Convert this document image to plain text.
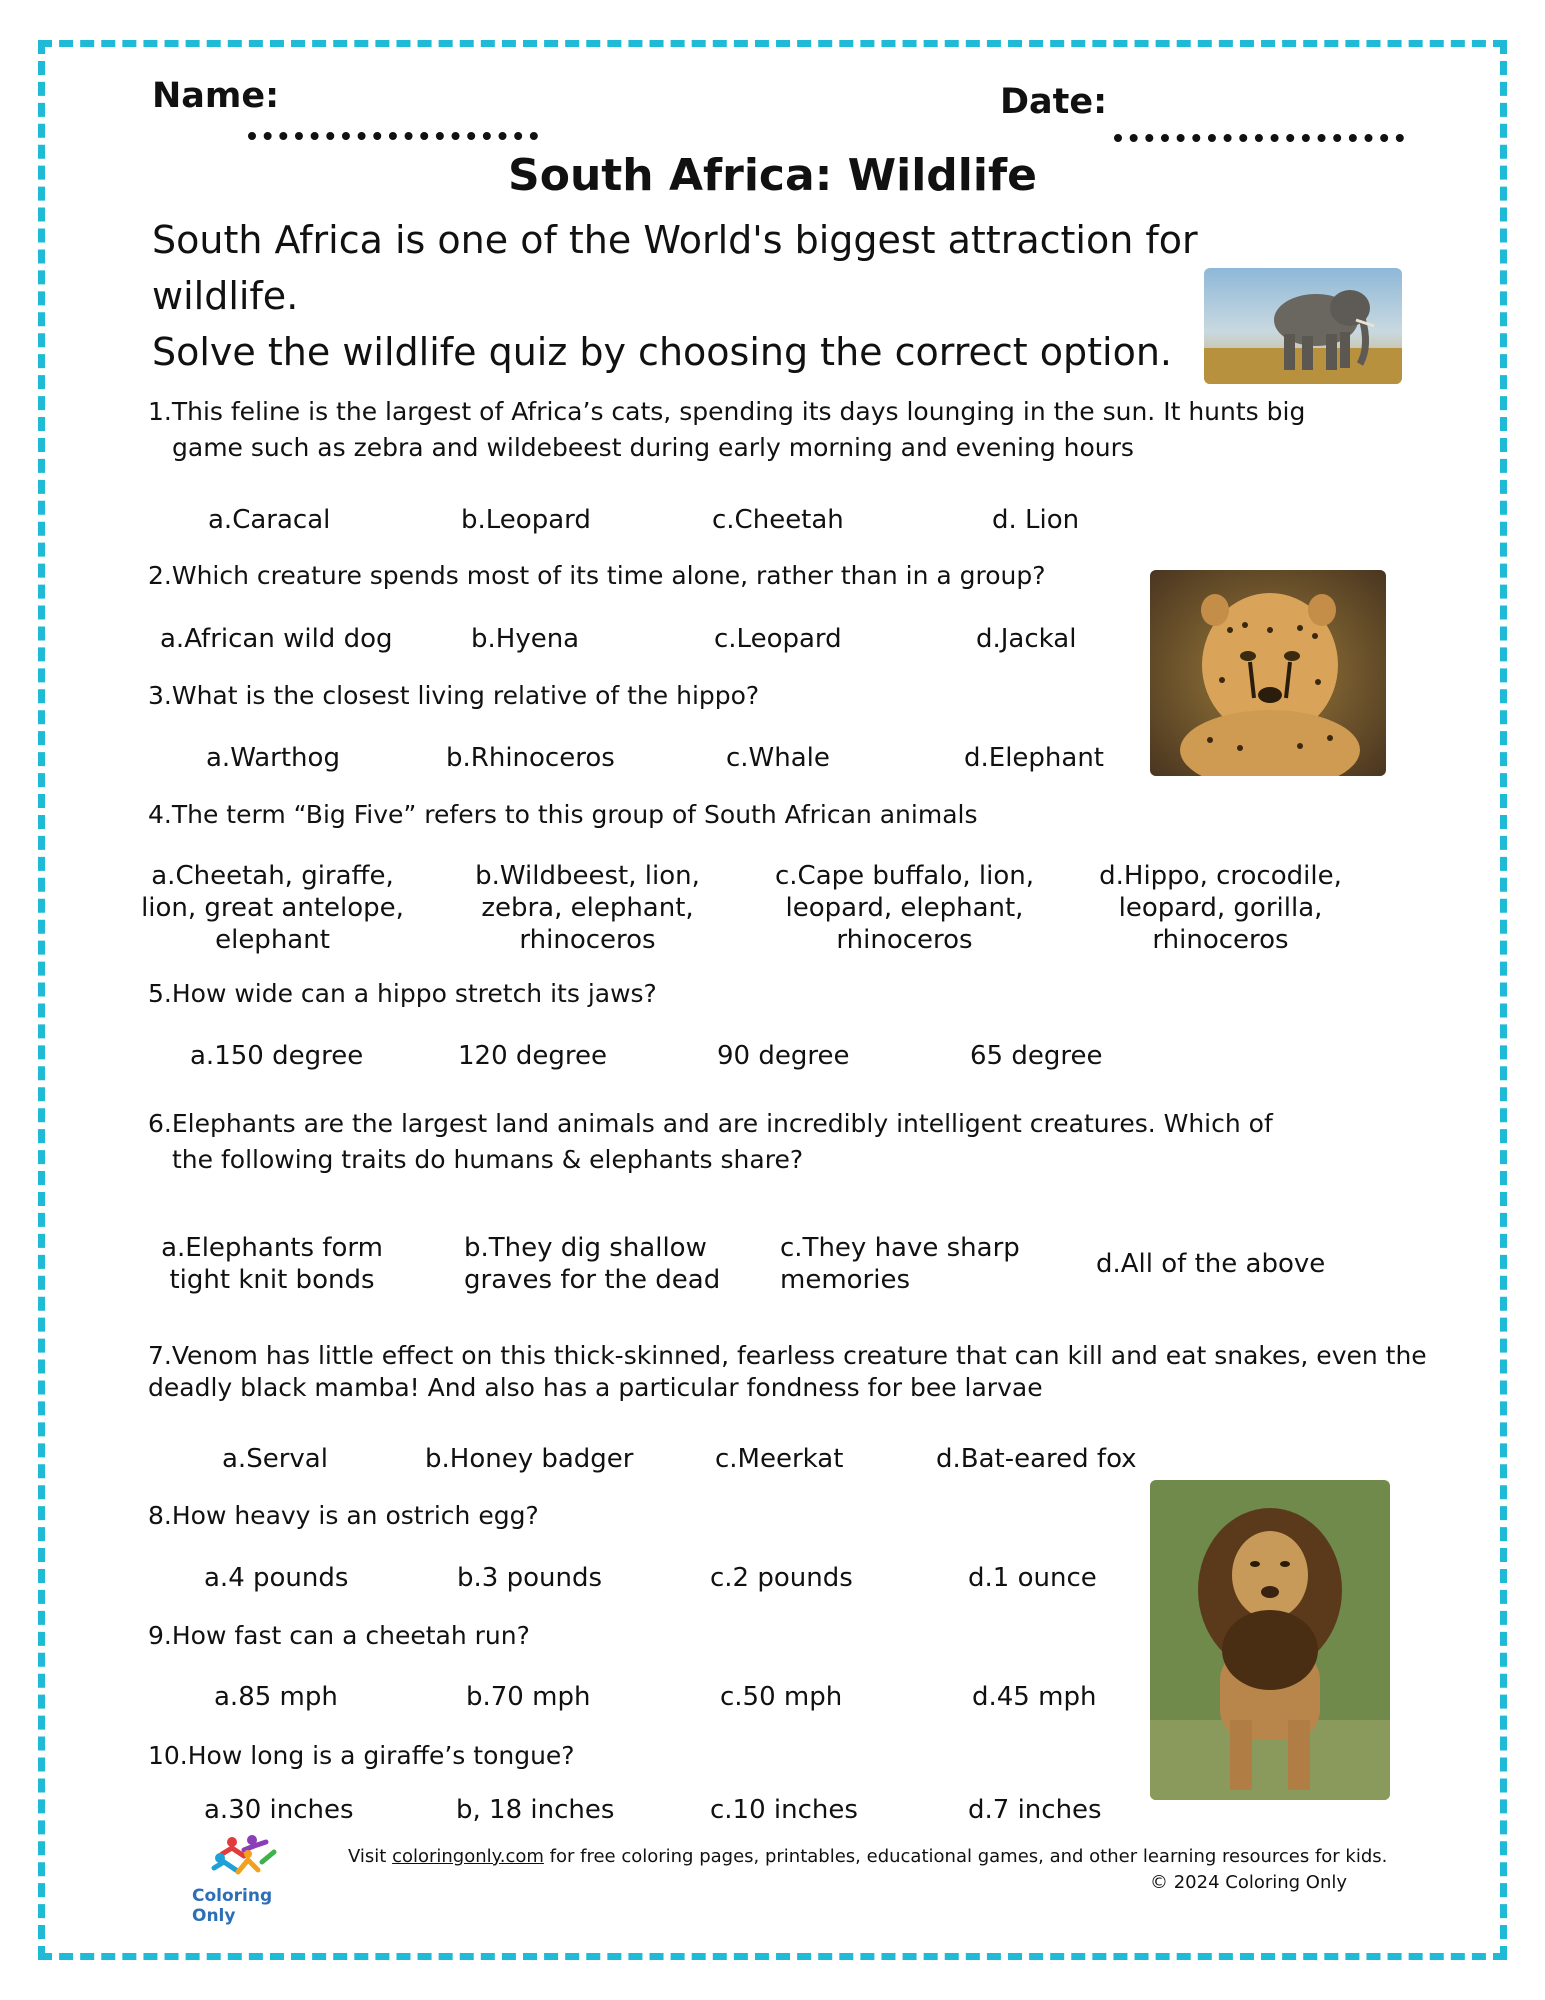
Name:	Date:
South Africa: Wildlife
South Africa is one of the World's biggest attraction for wildlife.
Solve the wildlife quiz by choosing the correct option.
1.This feline is the largest of Africa’s cats, spending its days lounging in the sun. It hunts big
game such as zebra and wildebeest during early morning and evening hours
a.Caracal	b.Leopard	c.Cheetah	d. Lion
2.Which creature spends most of its time alone, rather than in a group?
a.African wild dog	b.Hyena	c.Leopard	d.Jackal
3.What is the closest living relative of the hippo?
a.Warthog	b.Rhinoceros	c.Whale	d.Elephant
4.The term “Big Five” refers to this group of South African animals
a.Cheetah, giraffe,
lion, great antelope,
elephant
b.Wildbeest, lion,
zebra, elephant,
rhinoceros
c.Cape buffalo, lion,
leopard, elephant,
rhinoceros
d.Hippo, crocodile,
leopard, gorilla,
rhinoceros
5.How wide can a hippo stretch its jaws?
a.150 degree	120 degree	90 degree	65 degree
6.Elephants are the largest land animals and are incredibly intelligent creatures. Which of
the following traits do humans & elephants share?
a.Elephants form
tight knit bonds
b.They dig shallow
graves for the dead
c.They have sharp
memories
d.All of the above
7.Venom has little effect on this thick-skinned, fearless creature that can kill and eat snakes, even the
deadly black mamba! And also has a particular fondness for bee larvae
a.Serval	b.Honey badger	c.Meerkat	d.Bat-eared fox
8.How heavy is an ostrich egg?
a.4 pounds	b.3 pounds	c.2 pounds	d.1 ounce
9.How fast can a cheetah run?
a.85 mph	b.70 mph	c.50 mph	d.45 mph
10.How long is a giraffe’s tongue?
a.30 inches	b, 18 inches	c.10 inches	d.7 inches
Coloring Only
Visit coloringonly.com for free coloring pages, printables, educational games, and other learning resources for kids.
© 2024 Coloring Only
